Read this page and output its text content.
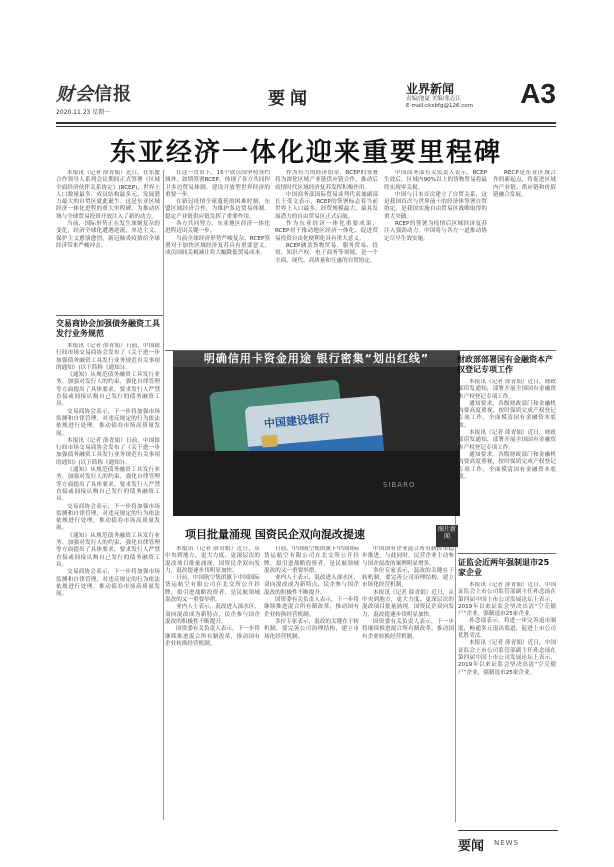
财会信报
2020.11.23 星期一
要闻	业界新闻 A3
责编/池夏 美编/张志江
E-mail:ckxbfg@126.com
东亚经济一体化迎来重要里程碑

本报讯（记者 薛青娟）近日，在东盟合作领导人系列会议期间正式签署《区域全面经济伙伴关系协定》(RCEP)，世界上人口数量最多、成员结构最多元、发展潜力最大的自贸区就此诞生。这是东亚区域经济一体化进程的重大里程碑，为推动区域与全球贸易投资开放注入了新的动力。

当前，国际形势正在发生深刻复杂的变化，经济全球化遭遇逆流，单边主义、保护主义愈演愈烈，新冠肺炎疫情给全球经济带来严峻冲击。

在这一背景下，15个成员国坚持签约域外，如期签署RCEP，体现了各方共同捍卫多边贸易体制、建设开放型世界经济的重要一步。

在新冠疫情全球蔓延的困难时刻，东盟区域经济合作，为维护多边贸易体制、稳定产业链供应链发挥了重要作用。

各方共同努力，东亚地区经济一体化进程迈出关键一步。

当前全球经济形势严峻复杂，RCEP签署对于加快区域经济复苏具有重要意义，成员国间关税减让将大幅降低贸易成本。

作为有力的经济纽带，RCEP的签署将为深化区域产业链供应链合作，推动后疫情时代区域经济复苏发挥积极作用。

中国商务部国际贸易谈判代表兼副部长王受文表示，RCEP的签署标志着当前世界上人口最多、经贸规模最大、最具发展潜力的自由贸易区正式启航。

作为东亚经济一体化重要成果，RCEP对于推动地区经济一体化、促进贸易投资自由化便利化具有重大意义。

RCEP涵盖货物贸易、服务贸易、投资、知识产权、电子商务等领域，是一个全面、现代、高质量和互惠的自贸协定。

中国商务部有关负责人表示，RCEP生效后，区域内90%以上的货物贸易将最终实现零关税。

中国与日本首次建立了自贸关系，这是我国首次与世界前十的经济体签署自贸协定，是我国实施自由贸易区战略取得的重大突破。

RCEP的签署为疫情后区域经济复苏注入强劲动力，中国将与各方一道推动协定尽早生效实施。

RECP是东亚区域合作的新起点，将促进区域内产业链、供应链和价值链融合发展。

交易商协会加强债务融资工具发行业务规范

本报讯（记者 薛青娟）日前，中国银行间市场交易商协会发布了《关于进一步加强债务融资工具发行业务规范有关事项的通知》(以下简称《通知》)。

《通知》从规范债务融资工具发行业务、加强对发行人的约束、强化自律管理等方面提出了具体要求，要求发行人严禁直接或间接认购自己发行的债务融资工具。

交易商协会表示，下一步将加强市场监测和自律管理，对违反规定的行为依法依规进行处理，推动债券市场高质量发展。

本报讯（记者 薛青娟）日前，中国银行间市场交易商协会发布了《关于进一步加强债务融资工具发行业务规范有关事项的通知》(以下简称《通知》)。

《通知》从规范债务融资工具发行业务、加强对发行人的约束、强化自律管理等方面提出了具体要求，要求发行人严禁直接或间接认购自己发行的债务融资工具。

交易商协会表示，下一步将加强市场监测和自律管理，对违反规定的行为依法依规进行处理，推动债券市场高质量发展。

《通知》从规范债务融资工具发行业务、加强对发行人的约束、强化自律管理等方面提出了具体要求，要求发行人严禁直接或间接认购自己发行的债务融资工具。

交易商协会表示，下一步将加强市场监测和自律管理，对违反规定的行为依法依规进行处理，推动债券市场高质量发展。

中国建设银行
SIBARO
明确信用卡资金用途 银行密集“划出红线”
图片新闻
项目批量涌现 国资民企双向混改提速

本报讯（记者 薛青娟）近日，从中央到地方，更大力度、更深层次的混改项目批量涌现，国资民企双向发力，混改提速步伐明显加快。

日前，中国航空集团旗下中国国际货运航空有限公司在北交所公开挂牌，拟引进战略投资者，是民航领域混改的又一重要举措。

业内人士表示，混改进入深水区，双向混改成为新特点，民企参与国企混改的积极性不断提升。

国资委有关负责人表示，下一步将继续推进混合所有制改革，推动国有企业转换经营机制。

日前，中国航空集团旗下中国国际货运航空有限公司在北交所公开挂牌，拟引进战略投资者，是民航领域混改的又一重要举措。

业内人士表示，混改进入深水区，双向混改成为新特点，民企参与国企混改的积极性不断提升。

国资委有关负责人表示，下一步将继续推进混合所有制改革，推动国有企业转换经营机制。

多位专家表示，混改的关键在于转机制，要完善公司治理结构，建立市场化经营机制。

中国国有企业混合所有制改革稳步推进。与此同时，民营企业主动参与国企混改的案例明显增多。

多位专家表示，混改的关键在于转机制，要完善公司治理结构，建立市场化经营机制。

本报讯（记者 薛青娟）近日，从中央到地方，更大力度、更深层次的混改项目批量涌现，国资民企双向发力，混改提速步伐明显加快。

国资委有关负责人表示，下一步将继续推进混合所有制改革，推动国有企业转换经营机制。

财政部部署国有金融资本产权登记专项工作

本报讯（记者 薛青娟）近日，财政部印发通知，部署开展全国国有金融资本产权登记专项工作。

通知要求，各级财政部门和金融机构要高度重视，按时保质完成产权登记专项工作，全面摸清国有金融资本底数。

本报讯（记者 薛青娟）近日，财政部印发通知，部署开展全国国有金融资本产权登记专项工作。

通知要求，各级财政部门和金融机构要高度重视，按时保质完成产权登记专项工作，全面摸清国有金融资本底数。

证监会近两年强制退市25家企业

本报讯（记者 薛青娟）近日，中国证监会上市公司监管部副主任孙念瑶在第四届中国上市公司发展论坛上表示，2019年以来证监会坚决出清“空壳僵尸”企业，强制退市25家企业。

孙念瑶表示，将进一步完善退市制度，畅通多元退出渠道，促进上市公司优胜劣汰。

本报讯（记者 薛青娟）近日，中国证监会上市公司监管部副主任孙念瑶在第四届中国上市公司发展论坛上表示，2019年以来证监会坚决出清“空壳僵尸”企业，强制退市25家企业。

要闻 NEWS
